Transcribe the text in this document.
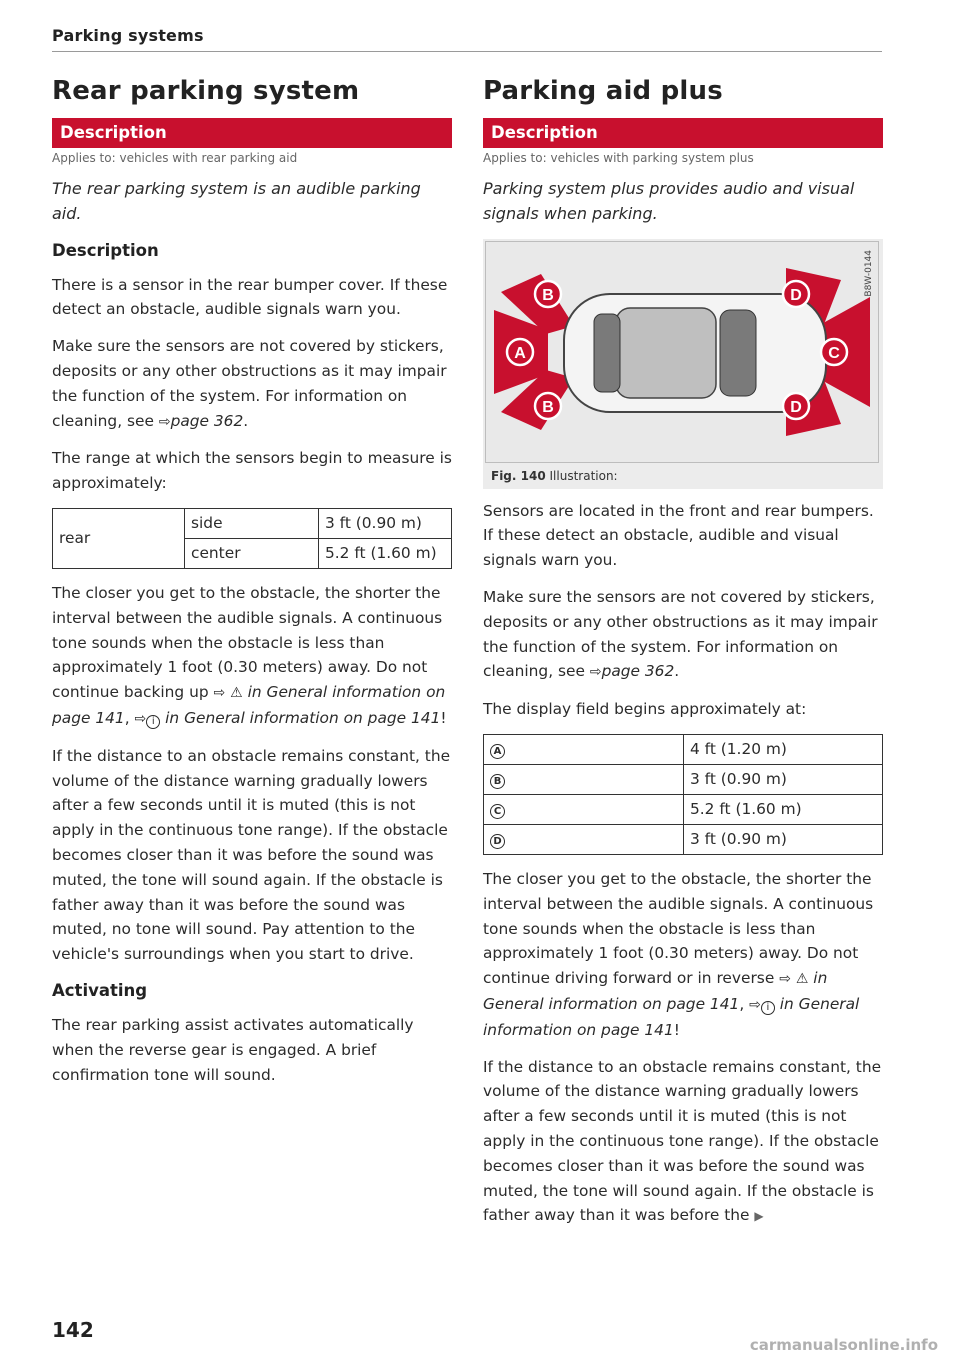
Parking systems
Rear parking system
Description
Applies to: vehicles with rear parking aid
The rear parking system is an audible parking aid.
Description

There is a sensor in the rear bumper cover. If these detect an obstacle, audible signals warn you.

Make sure the sensors are not covered by stickers, deposits or any other obstructions as it may impair the function of the system. For information on cleaning, see ⇨page 362.

The range at which the sensors begin to measure is approximately:

rear	side	3 ft (0.90 m)
	center	5.2 ft (1.60 m)

The closer you get to the obstacle, the shorter the interval between the audible signals. A continuous tone sounds when the obstacle is less than approximately 1 foot (0.30 meters) away. Do not continue backing up ⇨ ⚠ in General information on page 141, ⇨ i in General information on page 141!

If the distance to an obstacle remains constant, the volume of the distance warning gradually lowers after a few seconds until it is muted (this is not apply in the continuous tone range). If the obstacle becomes closer than it was before the sound was muted, the tone will sound again. If the obstacle is father away than it was before the sound was muted, no tone will sound. Pay attention to the vehicle's surroundings when you start to drive.

Activating

The rear parking assist activates automatically when the reverse gear is engaged. A brief confirmation tone will sound.

Parking aid plus
Description
Applies to: vehicles with parking system plus
Parking system plus provides audio and visual signals when parking.
A
B
B
C
D
D
B8W-0144
Fig. 140 Illustration:

Sensors are located in the front and rear bumpers. If these detect an obstacle, audible and visual signals warn you.

Make sure the sensors are not covered by stickers, deposits or any other obstructions as it may impair the function of the system. For information on cleaning, see ⇨page 362.

The display field begins approximately at:

A	4 ft (1.20 m)
B	3 ft (0.90 m)
C	5.2 ft (1.60 m)
D	3 ft (0.90 m)

The closer you get to the obstacle, the shorter the interval between the audible signals. A continuous tone sounds when the obstacle is less than approximately 1 foot (0.30 meters) away. Do not continue driving forward or in reverse ⇨ ⚠ in General information on page 141, ⇨ i in General information on page 141!

If the distance to an obstacle remains constant, the volume of the distance warning gradually lowers after a few seconds until it is muted (this is not apply in the continuous tone range). If the obstacle becomes closer than it was before the sound was muted, the tone will sound again. If the obstacle is father away than it was before the ▶

142
carmanualsonline.info
